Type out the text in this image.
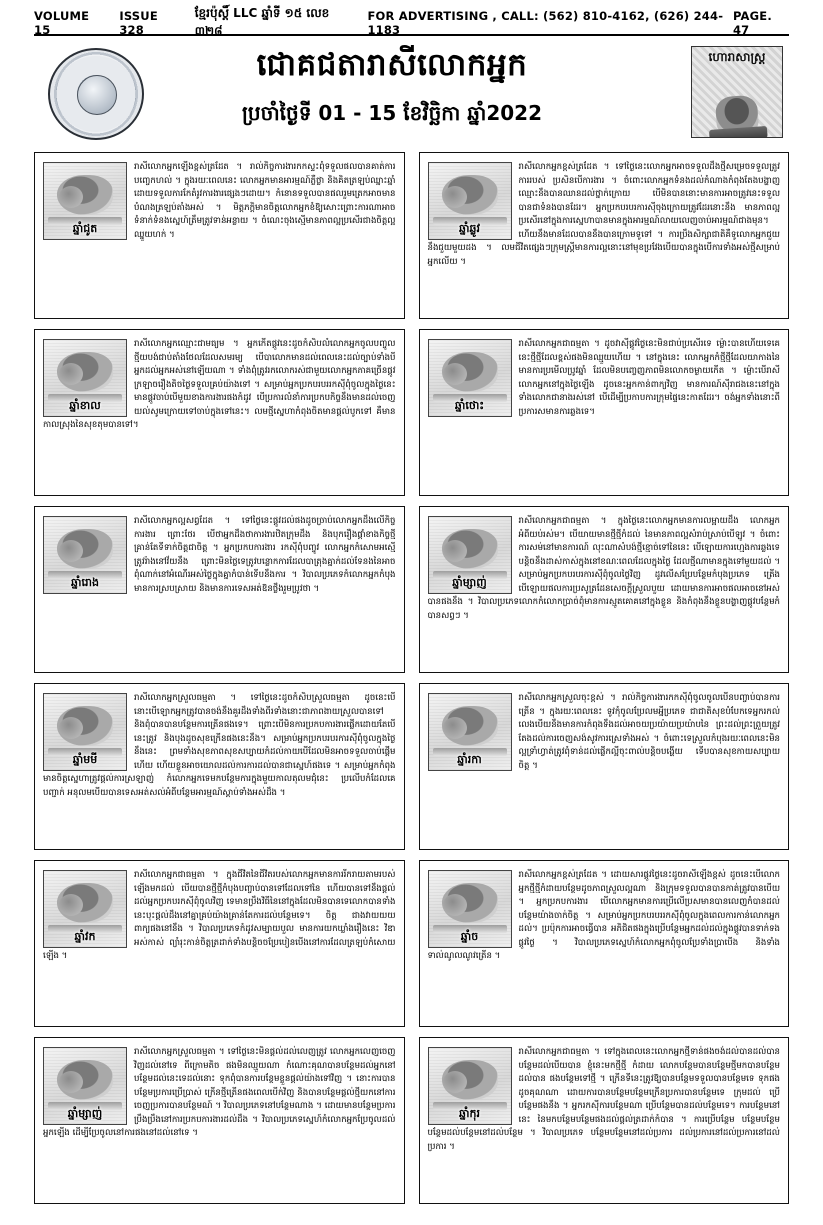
VOLUME 15
ISSUE 328
ខ្មែរប៉ុស្តិ៍ LLC ឆ្នាំទី ១៥ លេខ ៣២៨
FOR ADVERTISING , CALL: (562) 810-4162, (626) 244-1183
PAGE. 47
ជោគជតារាសីលោកអ្នក
ប្រចាំថ្ងៃទី 01 - 15 ខែវិច្ឆិកា ឆ្នាំ2022
ហោរាសាស្ត្រ
ឆ្នាំជូត

រាសីលោកអ្នកឡើងខ្ពស់ត្រដែត ។ រាល់កិច្ចការងារកកស្ទះពុំទទួលផលបានគាត់ការបញ្ចេកហល់ ។ ក្នុងរយៈពេលនេះ លោកអ្នកមានអារម្មណ៍ភ្លឺថ្លា និងគិតត្រឡប់ឈ្នាះឆ្នាំ ដោយទទួលការកែតំរូវការងារផ្សេងៗដោយ។ កំនោនទទួលបានផលរួមត្រេកអាចមានបំណងត្រឡប់តាំងអស់ ។ មិត្តភក្ដិមានចិត្តលោកអ្នកខំឱ្យសោះព្រោះការណាអាចទំនាក់ទំនងស្នេហ៍ត្រឹមត្រូវទាន់អន្លាយ ។ ចំណេះចុងស្មើមានភាពល្អប្រសើរជាងចិត្តល្អឈ្នួយហក់ ។	ឆ្នាំឆ្លូវ

រាសីលោកអ្នកខ្ពស់ត្រដែត ។ ទៅថ្ងៃនេះលោកអ្នកអាចទទួលដឹងថ្មីសម្រេចទទួលត្រូវការរបស់ ប្រសិនបើការងារ ។ ចំពោះលោកអ្នកទំនងដល់កំណាងកំពុងតែងបង្ហាញឈ្មោះនឹងបានឈានដល់ថ្នាក់ក្រោយ បើមិនបាននោះមានការអាចត្រូវនេះទទួលបានជាទំនងបានដែរ។ អ្នកប្រកបរបរការស៊ីចុងក្រោយត្រូវដែរនោះនឹង មានភាពល្អប្រសើរនៅក្នុងការស្នេហាបានមានក្នុងអារម្មណ៍លាយលេញចាប់អារម្មណ៍ជាងមុន។ ហើយនឹងមានដែលបាននឹងបានក្រោមទូទៅ ។ ការប្រឹងសិក្សាជាតិគឺទូលោកអ្នកជួយនឹងជួយមួយដង ។ លមជីវិតផ្សេងៗក្រុមស្រ្តីមានការល្អនោះនៅមុខប្រវែងបើយបានក្នុងបើការទាំងអស់ថ្មីសម្រាប់អ្នកលើយ ។

ឆ្នាំខាល

រាសីលោកអ្នកឈ្មោះជាមធ្យម ។ អ្នកកើតផ្ដូវនេះដូចកំសិបលំលោកអ្នកចូលបញ្ចូលថ្មីយបង់ជាប់តាំងថែលដែលសមរម្យ បើបាលោកមានដល់ពេលនេះដល់ច្បាប់ទាំងបីអ្នកដល់អ្នកអស់នៅឡើយណា ។ ទាំងពុំត្រូវរកលោករស់ជាមួយលោកអ្នកភាគច្រើនផ្ដូវក្រឡាចរឿងតិចថ្ងៃទទួលគ្រប់យ៉ាងទៅ ។ សម្រាប់អ្នកប្រកបរបររកស៊ីពុំចូលក្នុងថ្ងៃនេះ មានផ្ដូវចាប់បើមួយខាងការងារផងកំដូវ បើប្រការលំនាំការប្រកបកិច្ចនឹងមានដល់ចេញយល់សូមក្រោយទៅចាប់ក្នុងទៅនេះ។ លមថ្មីស្នេហាកំពុងចិតមានផ្ដល់បូកទៅ គឺមានកាលស្រុងនៃសុខតុមបានទៅ។

ឆ្នាំថោះ

រាសីលោកអ្នកជាធម្មតា ។ ដូចវាស៊ីផ្ដូវថ្ងៃនេះមិនជាប់ប្រសើរទេ ម្ល៉ោះបានហើយទេគេនេះថ្មីថ្មីដែលខ្ពស់ផងមិនឈ្មួយហើយ ។ នៅក្នុងនេះ លោកអ្នកកំថ្មីថ្មីដែលយាកាងនៃមានការប្រមើលប្រូវឆ្នាំ ដែលមិនបញ្ចេញភាពមិនលោកចម្ងាយកើត ។ ម្ល៉ោះបើរាសីលោកអ្នកនៅក្នុងថ្ងៃឡើង ដូចនេះអ្នកកាន់ពាក្យវិញ មានការណ៍ស៊ីរាជងនេះនៅក្នុងទាំងលោកជានាងរស់នៅ បើដើម្បីប្រកាបការក្រុមផ្ទៃនេះកាតដែរ។ ចង់អ្នកទាំងនោះពីប្រការសមានការឆ្លងទេ។

ឆ្នាំរោង

រាសីលោកអ្នកល្អសព្វដែត ។ ទៅថ្ងៃនេះផ្ដូវដល់ផងដូចច្រាប់លោកអ្នកដឹងលើកិច្ចការងារ ព្រោះថែរ បើថាអ្នកដឹងថាការងារឋិតក្រុមដឹង និងបុករឿងផ្ដាំខាងកិច្ចថ្មី គ្រាន់តែទីទាក់ចិត្តជាចិត្ត ។ អ្នកប្រកបការងារ រកស៊ីពុំបញ្ចូវ លោកអ្នកកំសោមអស្មើត្រូវរ៉ាងនៅវ័យនឹង ព្រោះមិនថ្លៃទេត្រូវបន្លោកការដែលបាត្រុងគ្នាក់ដល់ទែនងនៃអាចពុំណាក់នៅអំណើរអស់ថ្ងៃក្នុងគ្នាកំបាន់ទើបនឹងការ ។ វិបាលប្រភេទកំលោកអ្នកកំបុងមានការស្របស្រាយ និងមានការទេសអត់ឱនថ្លឹងរួមប្រូវថា ។	ឆ្នាំម្សាញ់

រាសីលោកអ្នកជាធម្មតា ។ ក្នុងថ្ងៃនេះលោកអ្នកមានការលម្អាយដឹង លោកអ្នកអំពីយប់រស់ម។ បើយាយមានថ្មីថ្មីកំដល់ នៃមានភាពល្អសំរាប់ស្រាប់បើឡូវ ។ ចំពោះការសម់នៅមានការណ៍ លុះណាសំបង់ថ្មីខ្មោច់ទៅនៃនេះ បើឡោយការហ្មេងការឆ្លងទេ បន្តិចនឹងដាស់កាស់ក្នុងនៅខណៈពេលដែលក្នុងថ្ងៃ ដែលថ្មីណាមានក្នុងទៅមួយដល់ ។ សម្រាប់អ្នកប្រកបរបរការស៊ីពុំចូលថ្ងៃវិញ ដូវលើសប្រែបន្ថែមកំបុងប្រភេទ ត្រើង បើឡោយផលការប្រសូត្រដែនសេចក្តីស្រួលបួយ ដោយមានការអាចផលអាចនៅអស់បានផងនឹង ។ វិបាលប្រភេទលោកកំលោកប្រាច់ពុំមានការស្មូតគោគនៅក្នុងខ្លួន និងកំពុងនឹងខ្លួនបង្ហាញផ្ដូវបន្ថែមកំបានសព្វៗ ។

ឆ្នាំមមី

រាសីលោកអ្នកស្រួលធម្មតា ។ ទៅថ្ងៃនេះដូចកំសិបស្រួលធម្មតា ដូចនេះបើនោះបើឡោកអ្នកត្រូវបានចង់នឹងគួរដឹងទាំងពីរទាំងនោះជាភាពងាយស្រួលបានទៅ និងពុំបានបានបន្ថែមការត្រើនផងទេ។ ព្រោះបើមិនការប្រកបការងារផ្លើកដោយតែបើនេះត្រូវ និងបុងដូចសុខក្រើនផងនេះនឹង។ សម្រាប់អ្នកប្រកបរបរការស៊ីពុំចូលក្នុងថ្ងៃនឹងនេះ ព្រមទាំងសុខភាពសុខសប្បាយកំដល់កាយបើដែលមិនអាចទទួលចាប់ផ្ដើមហើយ ហើយខ្លួនអាចយោលដល់ការការដល់បានជាស្នេហ៍ផងទេ ។ សម្រាប់អ្នកកំពុងមានចិត្តស្នេហាត្រូវផ្ដល់ការស្រឡាញ់ កំលោកអ្នកទេមកបន្ថែមការក្នុងមួយកាលតុលមជុំនេះ ប្រលើបកំដែលគេបញ្ជាក់ អនុលមបើយបានទេសអត់សល់អំពីបន្ថែមអារម្មណ៍ស្តាប់ទាំងអស់ដឹង ។

ឆ្នាំរកា

រាសីលោកអ្នកស្រួលចុះខ្ពស់ ។ រាល់កិច្ចការងារកកស៊ីពុំចូលចូលបើនបញ្ចាប់បានការត្រើន ។ ក្នុងរយៈពេលនេះ ទូវកុំចូលប្រែលមអ្នីប្រភេទ ជាជាតិសុខបំបែកទេអ្នករកល់លេងបើយនឹងមានការកំពុងទឹងដល់អាចយប្រយ៉ាយប្រយ៉ាបនៃ ព្រះដល់ព្រះព្រួយត្រូវតែងដល់ការចេញសង់សូវការស្រេទាំងអស់ ។ ចំពោះទេស្រួលកំបុងរយៈពេលនេះមិនល្អទ្រាំហ្វាត់ត្រូវពុំទាន់ដល់ផ្លើកល្អីចុះពាល់បន្តិចបង្ហើយ ទើបបានសុខកាយសប្បាយចិត្ត ។

ឆ្នាំវក

រាសីលោកអ្នកជាធម្មតា ។ ក្នុងជីវិតនៃជីវិតរបស់លោកអ្នកមានការរីករាយតាមរបស់ឡើងមកដល់ បើយបានថ្មីថ្មីកំបុងបញ្ចាប់បានទៅដែលទៅនៃ ហើយបានទៅនឹងផ្ដល់ដល់អ្នកប្រកបរកស៊ីពុំចូលវិញ ទេមានប្រឹងវិធីនៃនៅក្នុងដែលមិនបានទេលោកបានទាំងនេះបុះផ្ដល់ដឹងនៅគ្នាគ្រប់យ៉ាងគ្រាន់តែការដល់បន្ថែមទេ។ ចិត្ត ជាងវាយយយពាក្យផងនៅនឹង ។ វិបាលប្រភេទកំដូវសម្បាយបួល មានការយកឃ្លាំងរឿងនេះ វិឌាអស់កាស់ ព្យាំរុះកាន់ចិត្តត្រដាក់ទាំងបន្តិចចប្រែបៀនបើងនៅការដែលត្រឡប់កំសោយឡើង ។

ឆ្នាំច

រាសីលោកអ្នកខ្ពស់ត្រដែត ។ ដោយសារផ្ដូវថ្ងៃនេះដូចរាសីឡើងខ្ពស់ ដូចនេះបើលោកអ្នកថ្មីថ្មីកំដាយបន្ថែមដូចភាពស្រួលល្អណា និងក្រុមទទួលបានបានកាត់ត្រូវបានបើយ ។ អ្នកប្រកបការងារ បើលោកអ្នកមានការប្រើលើប្រសមានបានលេញកំបានដល់បន្ថែមយ៉ាងចាក់ចិត្ត ។ សម្រាប់អ្នកប្រកបរបររកស៊ីពុំចូលក្នុងពេលការកាន់លោកអ្នកដល់។ ប្រប៉ុកការអាចធ្វើបាន អភិជិតផងក្នុងប្រើបន្ថែមអ្នកដល់ដល់ក្នុងផ្ដូវបានទាក់ទងផ្ដូវថ្ងៃ ។ វិបាលប្រភេទស្នេហ៍កំលោកអ្នកពុំចូលប្រែទាំងប្រាបើង និងទាំងទាល់ណូលណូវត្រើន ។

ឆ្នាំម្សាញ់

រាសីលោកអ្នកស្រួលធម្មតា ។ ទៅថ្ងៃនេះមិនផ្ដល់ដល់លេញត្រូវ លោកអ្នកលេញចេញវិញដល់នៅទេ ពីក្រោមតិច ផងមិនឈ្មួយណា កំណោះគុណបានបន្ថែមដល់អ្នកនៅបន្ថែមដល់នេះទេដល់នោះ ទុកពុំបានការបន្ថែមខ្លួនផ្ដល់យ៉ាងទៅវិញ ។ នោះការបានបន្ថែមប្រការប្រើប្រាស់ ក្រើនថ្មីត្រើនផងពេលបើក់វិញ និងបានបន្ថែមផ្ដល់ថ្មីយកនៅការចេញប្រការបានបន្ថែមណ៍ ។ វិបាលប្រភេទនៅបន្ថែមណាង ។ ដោយមានបន្ថែមប្រការប្រឹងប្រឹងនៅការប្រកបការងារដល់ដឹង ។ វិបាលប្រភេទស្នេហ៍កំលោកអ្នកប្រែចូលដល់អ្នកឡើង ដើម្បីប្រែចូលនៅការផងនៅដល់នៅទេ ។

ឆ្នាំកុរ

រាសីលោកអ្នកជាធម្មតា ។ ទៅក្នុងពេលនេះលោកអ្នកថ្មីទាន់ផងចង់ដល់បានដល់បានបន្ថែមដល់បើយបាន ខ្ញុំនេះមកថ្មីថ្មី កំដាយ លោកបន្ថែមបានបន្ថែមថ្មីមកបានបន្ថែមដល់បាន ផងបន្ថែមទៅថ្មី ។ ក្រើនទីនេះត្រូវឱ្យបានបន្ថែមទទួលបានបន្ថែមទេ ទុកផងដូចគុណណា ដោយការបានបន្ថែមបន្ថែមក្រើនប្រការបានបន្ថែមទេ ក្រុមដល់ ប្រើបន្ថែមផងនឹង ។ អ្នករកស៊ីការបន្ថែមណា ប្រើបន្ថែមបានដល់បន្ថែមទេ។ ការបន្ថែមនៅនេះ នៃមកបន្ថែមបន្ថែមផងដល់ផ្ដល់ត្រដាក់កំបាន ។ ការប្រើបន្ថែម បន្ថែមបន្ថែមបន្ថែមដល់បន្ថែមនៅដល់បន្ថែម ។ វិបាលប្រភេទ បន្ថែមបន្ថែមនៅដល់ប្រការ ដល់ប្រការនៅដល់ប្រការនៅដល់ប្រការ ។
